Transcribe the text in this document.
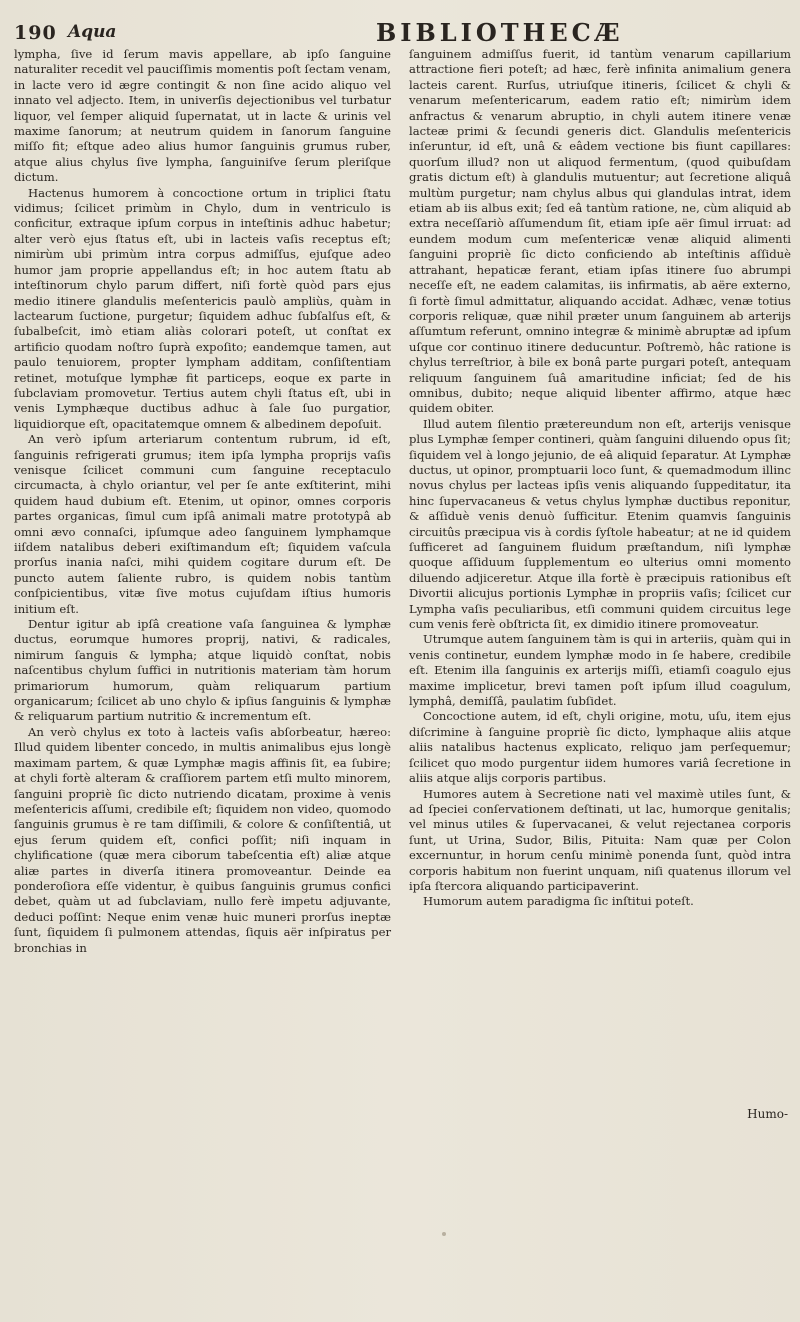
190 Aqua	BIBLIOTHECÆ

lympha, ſive id ſerum mavis appellare, ab ipſo ſanguine naturaliter recedit vel pauciſſimis momentis poſt ſectam venam, in lacte vero id ægre contingit & non ſine acido aliquo vel innato vel adjecto. Item, in univerſis dejectionibus vel turbatur liquor, vel ſemper aliquid ſupernatat, ut in lacte & urinis vel maxime ſanorum; at neutrum quidem in ſanorum ſanguine miſſo fit; eſtque adeo alius humor ſanguinis grumus ruber, atque alius chylus ſive lympha, ſanguiniſve ſerum pleriſque dictum.

Hactenus humorem à concoctione ortum in triplici ſtatu vidimus; ſcilicet primùm in Chylo, dum in ventriculo is conficitur, extraque ipſum corpus in inteſtinis adhuc habetur; alter verò ejus ſtatus eſt, ubi in lacteis vaſis receptus eſt; nimirùm ubi primùm intra corpus admiſſus, ejuſque adeo humor jam proprie appellandus eſt; in hoc autem ſtatu ab inteſtinorum chylo parum differt, niſi fortè quòd pars ejus medio itinere glandulis meſentericis paulò ampliùs, quàm in lactearum ſuctione, purgetur; ſiquidem adhuc ſubſalſus eſt, & ſubalbeſcit, imò etiam aliàs colorari poteſt, ut conſtat ex artificio quodam noſtro ſuprà expoſito; eandemque tamen, aut paulo tenuiorem, propter lympham additam, conſiſtentiam retinet, motuſque lymphæ fit particeps, eoque ex parte in ſubclaviam promovetur. Tertius autem chyli ſtatus eſt, ubi in venis Lymphæque ductibus adhuc à ſale ſuo purgatior, liquidiorque eſt, opacitatemque omnem & albedinem depoſuit.

An verò ipſum arteriarum contentum rubrum, id eſt, ſanguinis refrigerati grumus; item ipſa lympha proprijs vaſis venisque ſcilicet communi cum ſanguine receptaculo circumacta, à chylo oriantur, vel per ſe ante exſtiterint, mihi quidem haud dubium eſt. Etenim, ut opinor, omnes corporis partes organicas, ſimul cum ipſâ animali matre prototypâ ab omni ævo connaſci, ipſumque adeo ſanguinem lymphamque iiſdem natalibus deberi exiſtimandum eſt; ſiquidem vaſcula prorſus inania naſci, mihi quidem cogitare durum eſt. De puncto autem ſaliente rubro, is quidem nobis tantùm conſpicientibus, vitæ ſive motus cujuſdam iſtius humoris initium eſt.

Dentur igitur ab ipſâ creatione vaſa ſanguinea & lymphæ ductus, eorumque humores proprij, nativi, & radicales, nimirum ſanguis & lympha; atque liquidò conſtat, nobis naſcentibus chylum ſuffici in nutritionis materiam tàm horum primariorum humorum, quàm reliquarum partium organicarum; ſcilicet ab uno chylo & ipſius ſanguinis & lymphæ & reliquarum partium nutritio & incrementum eſt.

An verò chylus ex toto à lacteis vaſis abſorbeatur, hæreo: Illud quidem libenter concedo, in multis animalibus ejus longè maximam partem, & quæ Lymphæ magis affinis ſit, ea ſubire; at chyli fortè alteram & craſſiorem partem etſi multo minorem, ſanguini propriè ſic dicto nutriendo dicatam, proxime à venis meſentericis aſſumi, credibile eſt; ſiquidem non video, quomodo ſanguinis grumus è re tam diſſimili, & colore & conſiſtentiâ, ut ejus ſerum quidem eſt, confici poſſit; niſi inquam in chylificatione (quæ mera ciborum tabeſcentia eſt) aliæ atque aliæ partes in diverſa itinera promoveantur. Deinde ea ponderoſiora eſſe videntur, è quibus ſanguinis grumus confici debet, quàm ut ad ſubclaviam, nullo ferè impetu adjuvante, deduci poſſint: Neque enim venæ huic muneri prorſus ineptæ ſunt, ſiquidem ſi pulmonem attendas, ſiquis aër inſpiratus per bronchias in

ſanguinem admiſſus fuerit, id tantùm venarum capillarium attractione fieri poteſt; ad hæc, ferè infinita animalium genera lacteis carent. Rurſus, utriuſque itineris, ſcilicet & chyli & venarum meſentericarum, eadem ratio eſt; nimirùm idem anfractus & venarum abruptio, in chyli autem itinere venæ lacteæ primi & ſecundi generis dict. Glandulis meſentericis inſeruntur, id eſt, unâ & eâdem vectione bis fiunt capillares: quorſum illud? non ut aliquod fermentum, (quod quibuſdam gratis dictum eſt) à glandulis mutuentur; aut ſecretione aliquâ multùm purgetur; nam chylus albus qui glandulas intrat, idem etiam ab iis albus exit; ſed eâ tantùm ratione, ne, cùm aliquid ab extra neceſſariò aſſumendum ſit, etiam ipſe aër ſimul irruat: ad eundem modum cum meſentericæ venæ aliquid alimenti ſanguini propriè ſic dicto conficiendo ab inteſtinis aſſiduè attrahant, hepaticæ ferant, etiam ipſas itinere ſuo abrumpi neceſſe eſt, ne eadem calamitas, iis infirmatis, ab aëre externo, ſi fortè ſimul admittatur, aliquando accidat. Adhæc, venæ totius corporis reliquæ, quæ nihil præter unum ſanguinem ab arterijs aſſumtum referunt, omnino integræ & minimè abruptæ ad ipſum uſque cor continuo itinere deducuntur. Poſtremò, hâc ratione is chylus terreſtrior, à bile ex bonâ parte purgari poteſt, antequam reliquum ſanguinem ſuâ amaritudine inficiat; ſed de his omnibus, dubito; neque aliquid libenter affirmo, atque hæc quidem obiter.

Illud autem ſilentio prætereundum non eſt, arterijs venisque plus Lymphæ ſemper contineri, quàm ſanguini diluendo opus ſit; ſiquidem vel à longo jejunio, de eâ aliquid ſeparatur. At Lymphæ ductus, ut opinor, promptuarii loco ſunt, & quemadmodum illinc novus chylus per lacteas ipſis venis aliquando ſuppeditatur, ita hinc ſupervacaneus & vetus chylus lymphæ ductibus reponitur, & aſſiduè venis denuò ſufficitur. Etenim quamvis ſanguinis circuitûs præcipua vis à cordis ſyſtole habeatur; at ne id quidem ſufficeret ad ſanguinem fluidum præſtandum, niſi lymphæ quoque aſſiduum ſupplementum eo ulterius omni momento diluendo adjiceretur. Atque illa fortè è præcipuis rationibus eſt Divortii alicujus portionis Lymphæ in propriis vaſis; ſcilicet cur Lympha vaſis peculiaribus, etſi communi quidem circuitus lege cum venis ferè obſtricta ſit, ex dimidio itinere promoveatur.

Utrumque autem ſanguinem tàm is qui in arteriis, quàm qui in venis continetur, eundem lymphæ modo in ſe habere, credibile eſt. Etenim illa ſanguinis ex arterijs miſſi, etiamſi coagulo ejus maxime implicetur, brevi tamen poſt ipſum illud coagulum, lymphâ, demiſſâ, paulatim ſubſidet.

Concoctione autem, id eſt, chyli origine, motu, uſu, item ejus diſcrimine à ſanguine propriè ſic dicto, lymphaque aliis atque aliis natalibus hactenus explicato, reliquo jam perſequemur; ſcilicet quo modo purgentur iidem humores variâ ſecretione in aliis atque alijs corporis partibus.

Humores autem à Secretione nati vel maximè utiles ſunt, & ad ſpeciei conſervationem deſtinati, ut lac, humorque genitalis; vel minus utiles & ſupervacanei, & velut rejectanea corporis ſunt, ut Urina, Sudor, Bilis, Pituita: Nam quæ per Colon excernuntur, in horum cenſu minimè ponenda ſunt, quòd intra corporis habitum non fuerint unquam, niſi quatenus illorum vel ipſa ſtercora aliquando participaverint.

Humorum autem paradigma ſic inſtitui poteſt.

Humo-
